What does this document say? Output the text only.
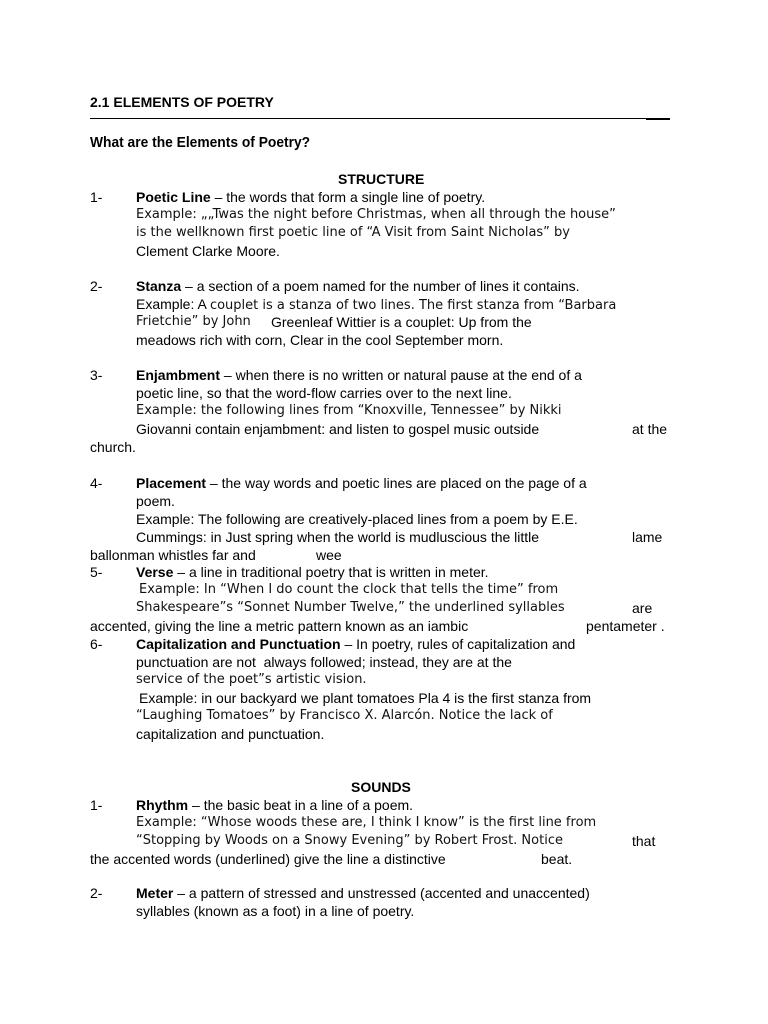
2.1 ELEMENTS OF POETRY
What are the Elements of Poetry?
STRUCTURE
1- Poetic Line – the words that form a single line of poetry.
Example: „„Twas the night before Christmas, when all through the house”
is the wellknown first poetic line of “A Visit from Saint Nicholas” by
Clement Clarke Moore.
2- Stanza – a section of a poem named for the number of lines it contains.
Example: A couplet is a stanza of two lines. The first stanza from “Barbara
Frietchie” by John Greenleaf Wittier is a couplet: Up from the
meadows rich with corn, Clear in the cool September morn.
3- Enjambment – when there is no written or natural pause at the end of a
poetic line, so that the word-flow carries over to the next line.
Example: the following lines from “Knoxville, Tennessee” by Nikki
Giovanni contain enjambment: and listen to gospel music outside	at the
church.
4- Placement – the way words and poetic lines are placed on the page of a
poem.
Example: The following are creatively-placed lines from a poem by E.E.
Cummings: in Just spring when the world is mudluscious the little	lame
ballonman whistles far and	wee
5- Verse – a line in traditional poetry that is written in meter.
Example: In “When I do count the clock that tells the time” from
Shakespeare”s “Sonnet Number Twelve,” the underlined syllables	are
accented, giving the line a metric pattern known as an iambic	pentameter .
6- Capitalization and Punctuation – In poetry, rules of capitalization and
punctuation are not  always followed; instead, they are at the
service of the poet”s artistic vision.
Example: in our backyard we plant tomatoes Pla 4 is the first stanza from
“Laughing Tomatoes” by Francisco X. Alarcón. Notice the lack of
capitalization and punctuation.
SOUNDS
1- Rhythm – the basic beat in a line of a poem.
Example: “Whose woods these are, I think I know” is the first line from
“Stopping by Woods on a Snowy Evening” by Robert Frost. Notice	that
the accented words (underlined) give the line a distinctive	beat.
2- Meter – a pattern of stressed and unstressed (accented and unaccented)
syllables (known as a foot) in a line of poetry.
